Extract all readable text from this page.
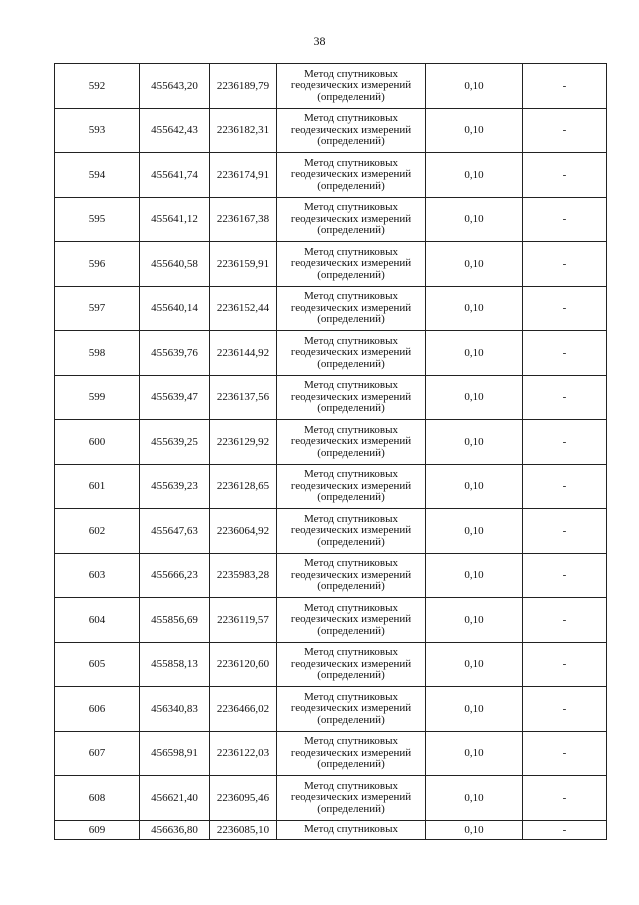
38
592	455643,20	2236189,79	Метод спутниковых
геодезических измерений
(определений)	0,10	-
593	455642,43	2236182,31	Метод спутниковых
геодезических измерений
(определений)	0,10	-
594	455641,74	2236174,91	Метод спутниковых
геодезических измерений
(определений)	0,10	-
595	455641,12	2236167,38	Метод спутниковых
геодезических измерений
(определений)	0,10	-
596	455640,58	2236159,91	Метод спутниковых
геодезических измерений
(определений)	0,10	-
597	455640,14	2236152,44	Метод спутниковых
геодезических измерений
(определений)	0,10	-
598	455639,76	2236144,92	Метод спутниковых
геодезических измерений
(определений)	0,10	-
599	455639,47	2236137,56	Метод спутниковых
геодезических измерений
(определений)	0,10	-
600	455639,25	2236129,92	Метод спутниковых
геодезических измерений
(определений)	0,10	-
601	455639,23	2236128,65	Метод спутниковых
геодезических измерений
(определений)	0,10	-
602	455647,63	2236064,92	Метод спутниковых
геодезических измерений
(определений)	0,10	-
603	455666,23	2235983,28	Метод спутниковых
геодезических измерений
(определений)	0,10	-
604	455856,69	2236119,57	Метод спутниковых
геодезических измерений
(определений)	0,10	-
605	455858,13	2236120,60	Метод спутниковых
геодезических измерений
(определений)	0,10	-
606	456340,83	2236466,02	Метод спутниковых
геодезических измерений
(определений)	0,10	-
607	456598,91	2236122,03	Метод спутниковых
геодезических измерений
(определений)	0,10	-
608	456621,40	2236095,46	Метод спутниковых
геодезических измерений
(определений)	0,10	-
609	456636,80	2236085,10	Метод спутниковых	0,10	-
